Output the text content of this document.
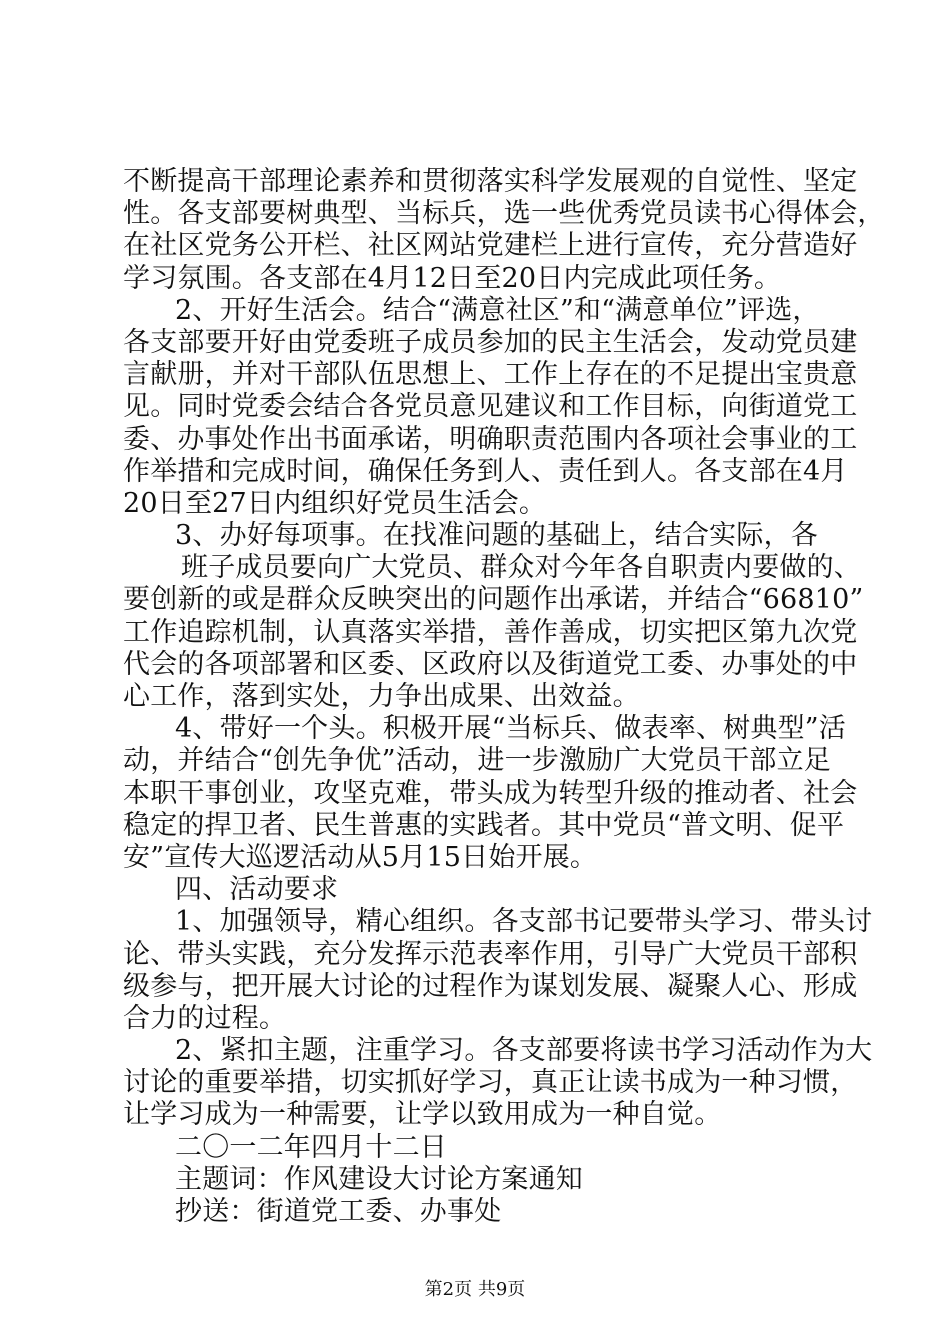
不断提高干部理论素养和贯彻落实科学发展观的自觉性、坚定
性。各支部要树典型、当标兵，选一些优秀党员读书心得体会，
在社区党务公开栏、社区网站党建栏上进行宣传，充分营造好
学习氛围。各支部在4月12日至20日内完成此项任务。
2、开好生活会。结合“满意社区”和“满意单位”评选，
各支部要开好由党委班子成员参加的民主生活会，发动党员建
言献册，并对干部队伍思想上、工作上存在的不足提出宝贵意
见。同时党委会结合各党员意见建议和工作目标，向街道党工
委、办事处作出书面承诺，明确职责范围内各项社会事业的工
作举措和完成时间，确保任务到人、责任到人。各支部在4月
20日至27日内组织好党员生活会。
3、办好每项事。在找准问题的基础上，结合实际，各
班子成员要向广大党员、群众对今年各自职责内要做的、
要创新的或是群众反映突出的问题作出承诺，并结合“66810”
工作追踪机制，认真落实举措，善作善成，切实把区第九次党
代会的各项部署和区委、区政府以及街道党工委、办事处的中
心工作，落到实处，力争出成果、出效益。
4、带好一个头。积极开展“当标兵、做表率、树典型”活
动，并结合“创先争优”活动，进一步激励广大党员干部立足
本职干事创业，攻坚克难，带头成为转型升级的推动者、社会
稳定的捍卫者、民生普惠的实践者。其中党员“普文明、促平
安”宣传大巡逻活动从5月15日始开展。
四、活动要求
1、加强领导，精心组织。各支部书记要带头学习、带头讨
论、带头实践，充分发挥示范表率作用，引导广大党员干部积
级参与，把开展大讨论的过程作为谋划发展、凝聚人心、形成
合力的过程。
2、紧扣主题，注重学习。各支部要将读书学习活动作为大
讨论的重要举措，切实抓好学习，真正让读书成为一种习惯，
让学习成为一种需要，让学以致用成为一种自觉。
二〇一二年四月十二日
主题词：作风建设大讨论方案通知
抄送：街道党工委、办事处
第2页 共9页
